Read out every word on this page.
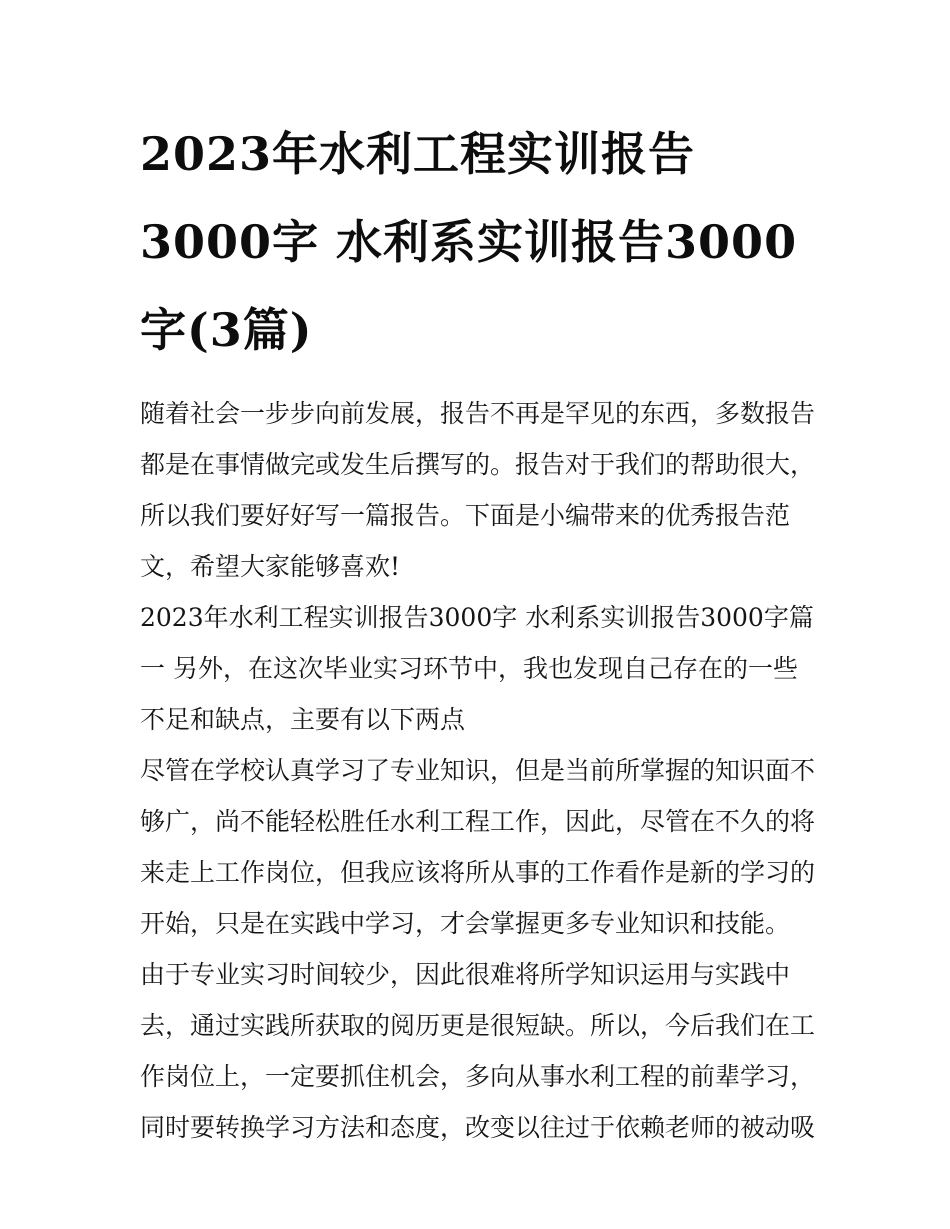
2023年水利工程实训报告
3000字 水利系实训报告3000
字(3篇)

随着社会一步步向前发展，报告不再是罕见的东西，多数报告
都是在事情做完或发生后撰写的。报告对于我们的帮助很大，
所以我们要好好写一篇报告。下面是小编带来的优秀报告范
文，希望大家能够喜欢!

2023年水利工程实训报告3000字 水利系实训报告3000字篇
一 另外，在这次毕业实习环节中，我也发现自己存在的一些
不足和缺点，主要有以下两点

尽管在学校认真学习了专业知识，但是当前所掌握的知识面不
够广，尚不能轻松胜任水利工程工作，因此，尽管在不久的将
来走上工作岗位，但我应该将所从事的工作看作是新的学习的
开始，只是在实践中学习，才会掌握更多专业知识和技能。

由于专业实习时间较少，因此很难将所学知识运用与实践中
去，通过实践所获取的阅历更是很短缺。所以，今后我们在工
作岗位上，一定要抓住机会，多向从事水利工程的前辈学习，
同时要转换学习方法和态度，改变以往过于依赖老师的被动吸
